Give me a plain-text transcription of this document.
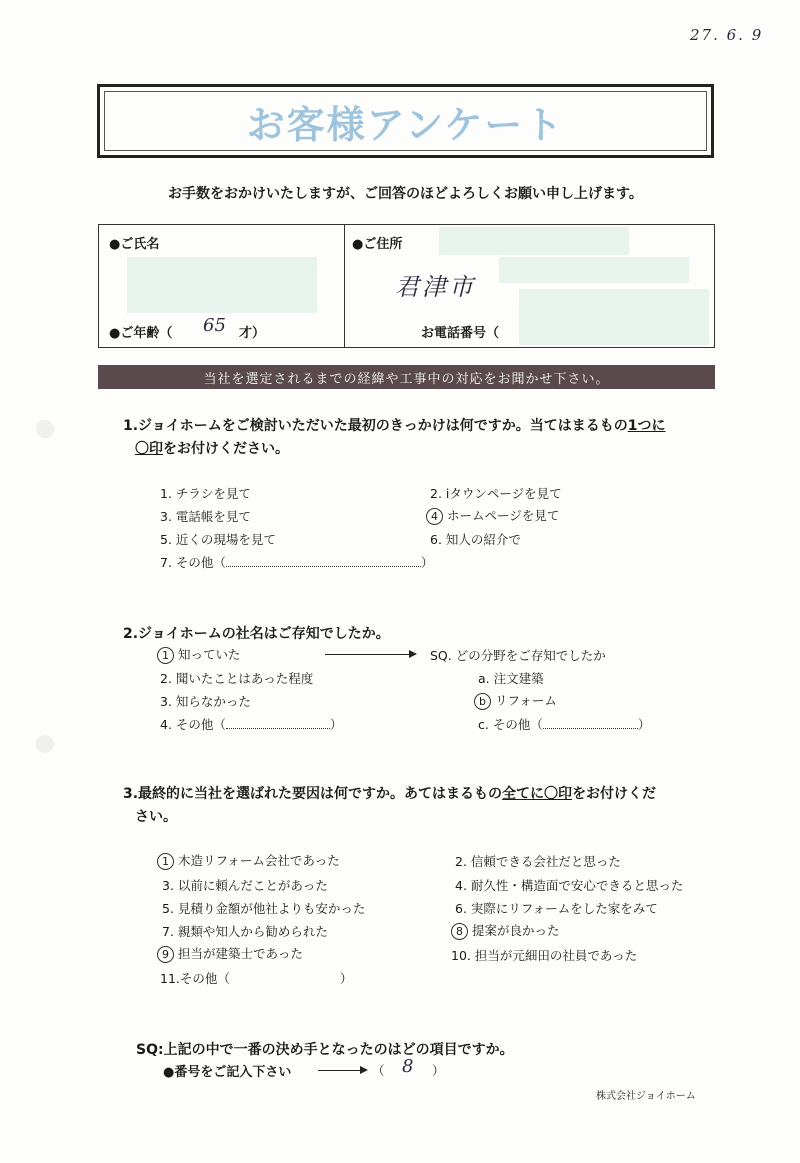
27. 6. 9
お客様アンケート
お手数をおかけいたしますが、ご回答のほどよろしくお願い申し上げます。
●ご氏名
●ご年齢（ 65 才）
●ご住所
君津市
お電話番号（
当社を選定されるまでの経緯や工事中の対応をお聞かせ下さい。
1.ジョイホームをご検討いただいた最初のきっかけは何ですか。当てはまるもの1つに
〇印をお付けください。
1. チラシを見て	2. iタウンページを見て
3. 電話帳を見て	4 ホームページを見て
5. 近くの現場を見て	6. 知人の紹介で
7. その他（	）
2.ジョイホームの社名はご存知でしたか。
1 知っていた	SQ. どの分野をご存知でしたか
2. 聞いたことはあった程度	a. 注文建築
3. 知らなかった	b リフォーム
4. その他（	）	c. その他（	）
3.最終的に当社を選ばれた要因は何ですか。あてはまるもの全てに〇印をお付けくだ
さい。
1 木造リフォーム会社であった	2. 信頼できる会社だと思った
3. 以前に頼んだことがあった	4. 耐久性・構造面で安心できると思った
5. 見積り金額が他社よりも安かった	6. 実際にリフォームをした家をみて
7. 親類や知人から勧められた	8 提案が良かった
9 担当が建築士であった	10. 担当が元細田の社員であった
11.その他（	）
SQ:上記の中で一番の決め手となったのはどの項目ですか。
●番号をご記入下さい	（ 8 ）
株式会社ジョイホーム
